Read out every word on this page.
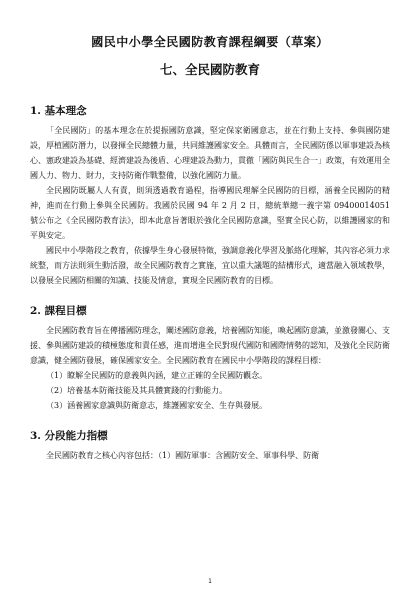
國民中小學全民國防教育課程綱要（草案）
七、全民國防教育
1. 基本理念

「全民國防」的基本理念在於提振國防意識，堅定保家衛國意志，並在行動上支持、參與國防建設，厚植國防潛力，以發揮全民總體力量，共同維護國家安全。具體而言，全民國防係以軍事建設為核心、憲政建設為基礎、經濟建設為後盾、心理建設為動力，貫徹「國防與民生合一」政策，有效運用全國人力、物力、財力，支持防衛作戰整備，以強化國防力量。

全民國防既屬人人有責，則須透過教育過程，指導國民理解全民國防的目標，涵養全民國防的精神，進而在行動上參與全民國防。我國於民國 94 年 2 月 2 日，總統華總一義字第 09400014051 號公布之《全民國防教育法》，即本此意旨著眼於強化全民國防意識，堅實全民心防，以維護國家的和平與安定。

國民中小學階段之教育，依據學生身心發展特徵，強調意義化學習及脈絡化理解，其內容必須力求統整，而方法則須生動活潑，故全民國防教育之實施，宜以重大議題的結構形式，適當融入領域教學，以發展全民國防相關的知識、技能及情意，實現全民國防教育的目標。

2. 課程目標

全民國防教育旨在傳播國防理念，闡述國防意義，培養國防知能，喚起國防意識，並激發關心、支援、參與國防建設的積極態度和責任感，進而增進全民對現代國防和國際情勢的認知，及強化全民防衛意識，健全國防發展，確保國家安全。全民國防教育在國民中小學階段的課程目標：

（1）瞭解全民國防的意義與內涵，建立正確的全民國防觀念。
（2）培養基本防衛技能及其具體實踐的行動能力。
（3）涵養國家意識與防衛意志，維護國家安全、生存與發展。
3. 分段能力指標

全民國防教育之核心內容包括：（1）國防軍事：含國防安全、軍事科學、防衛

1
